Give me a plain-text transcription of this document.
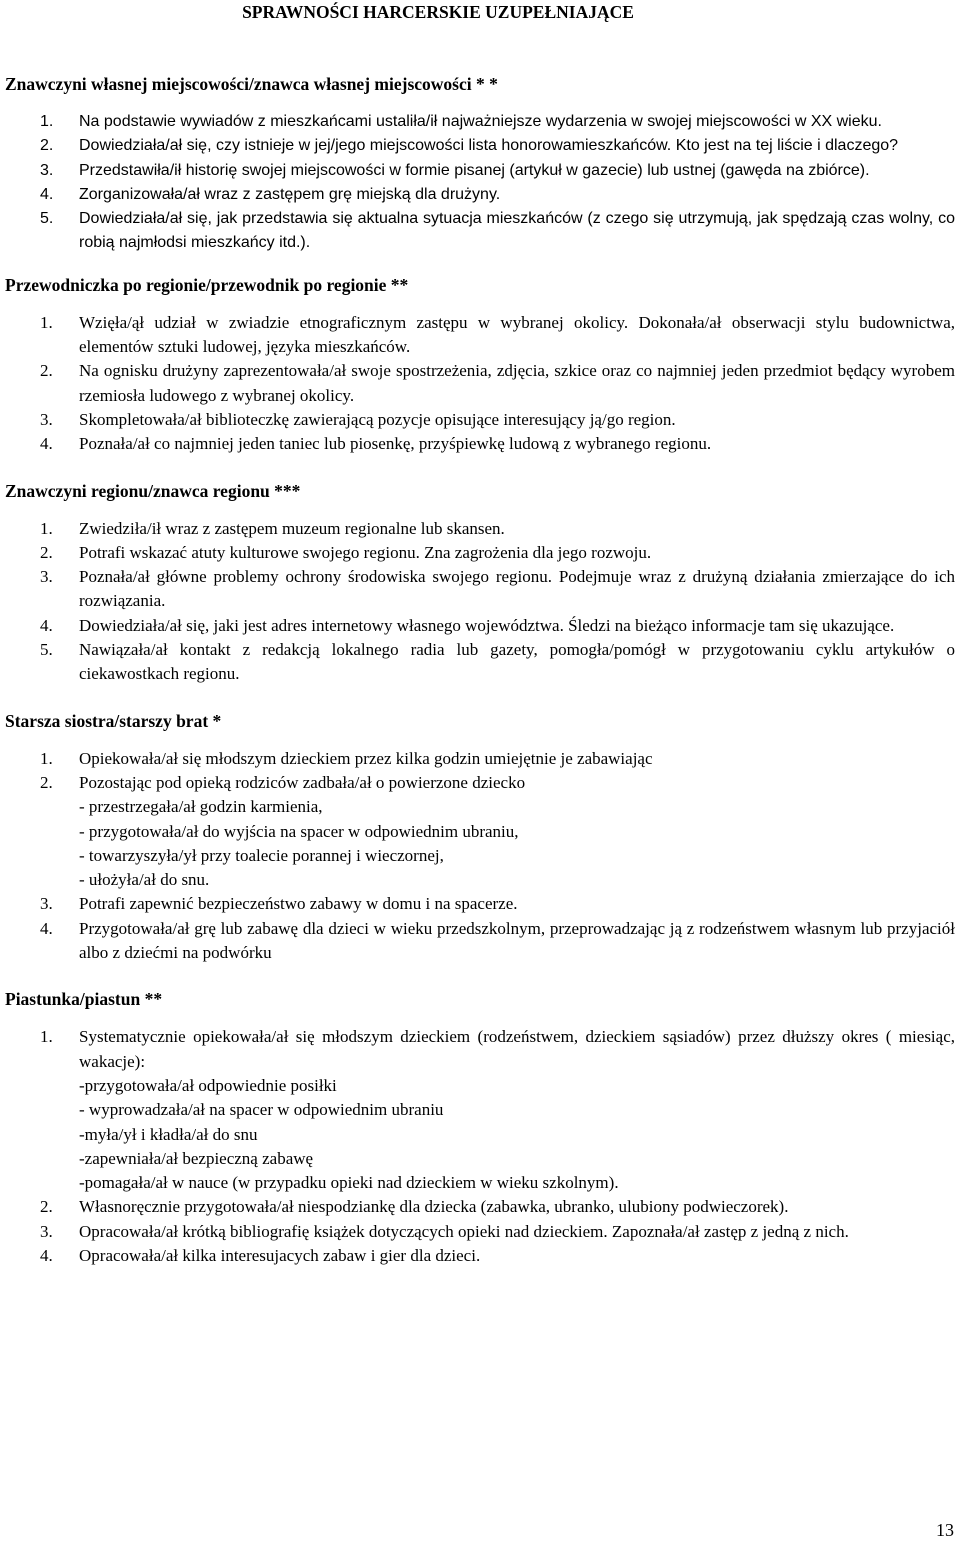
SPRAWNOŚCI HARCERSKIE UZUPEŁNIAJĄCE
Znawczyni własnej miejscowości/znawca własnej miejscowości * *
1.	Na podstawie wywiadów z mieszkańcami ustaliła/ił najważniejsze wydarzenia w swojej miejscowości w XX wieku.
2.	Dowiedziała/ał się, czy istnieje w jej/jego miejscowości lista honorowamieszkańców. Kto jest na tej liście i dlaczego?
3.	Przedstawiła/ił historię swojej miejscowości w formie pisanej (artykuł w gazecie) lub ustnej (gawęda na zbiórce).
4.	Zorganizowała/ał wraz z zastępem grę miejską dla drużyny.
5.	Dowiedziała/ał się, jak przedstawia się aktualna sytuacja mieszkańców (z czego się utrzymują, jak spędzają czas wolny, co robią najmłodsi mieszkańcy itd.).
Przewodniczka po regionie/przewodnik po regionie **
1.	Wzięła/ął udział w zwiadzie etnograficznym zastępu w wybranej okolicy. Dokonała/ał obserwacji stylu budownictwa, elementów sztuki ludowej, języka mieszkańców.
2.	Na ognisku drużyny zaprezentowała/ał swoje spostrzeżenia, zdjęcia, szkice oraz co najmniej jeden przedmiot będący wyrobem rzemiosła ludowego z wybranej okolicy.
3.	Skompletowała/ał biblioteczkę zawierającą pozycje opisujące interesujący ją/go region.
4.	Poznała/ał co najmniej jeden taniec lub piosenkę, przyśpiewkę ludową z wybranego regionu.
Znawczyni regionu/znawca regionu ***
1.	Zwiedziła/ił wraz z zastępem muzeum regionalne lub skansen.
2.	Potrafi wskazać atuty kulturowe swojego regionu. Zna zagrożenia dla jego rozwoju.
3.	Poznała/ał główne problemy ochrony środowiska swojego regionu. Podejmuje wraz z drużyną działania zmierzające do ich rozwiązania.
4.	Dowiedziała/ał się, jaki jest adres internetowy własnego województwa. Śledzi na bieżąco informacje tam się ukazujące.
5.	Nawiązała/ał kontakt z redakcją lokalnego radia lub gazety, pomogła/pomógł w przygotowaniu cyklu artykułów o ciekawostkach regionu.
Starsza siostra/starszy brat *
1.	Opiekowała/ał się młodszym dzieckiem przez kilka godzin umiejętnie je zabawiając
2.	Pozostając pod opieką rodziców zadbała/ał o powierzone dziecko
- przestrzegała/ał godzin karmienia,
- przygotowała/ał do wyjścia na spacer w odpowiednim ubraniu,
- towarzyszyła/ył przy toalecie porannej i wieczornej,
- ułożyła/ał do snu.
3.	Potrafi zapewnić bezpieczeństwo zabawy w domu i na spacerze.
4.	Przygotowała/ał grę lub zabawę dla dzieci w wieku przedszkolnym, przeprowadzając ją z rodzeństwem własnym lub przyjaciół albo z dziećmi na podwórku
Piastunka/piastun **
1.	Systematycznie opiekowała/ał się młodszym dzieckiem (rodzeństwem, dzieckiem sąsiadów) przez dłuższy okres ( miesiąc, wakacje):
-przygotowała/ał odpowiednie posiłki
- wyprowadzała/ał na spacer w odpowiednim ubraniu
-myła/ył i kładła/ał do snu
-zapewniała/ał bezpieczną zabawę
-pomagała/ał w nauce (w przypadku opieki nad dzieckiem w wieku szkolnym).
2.	Własnoręcznie przygotowała/ał niespodziankę dla dziecka (zabawka, ubranko, ulubiony podwieczorek).
3.	Opracowała/ał krótką bibliografię książek dotyczących opieki nad dzieckiem. Zapoznała/ał zastęp z jedną z nich.
4.	Opracowała/ał kilka interesujacych zabaw i gier dla dzieci.
13
